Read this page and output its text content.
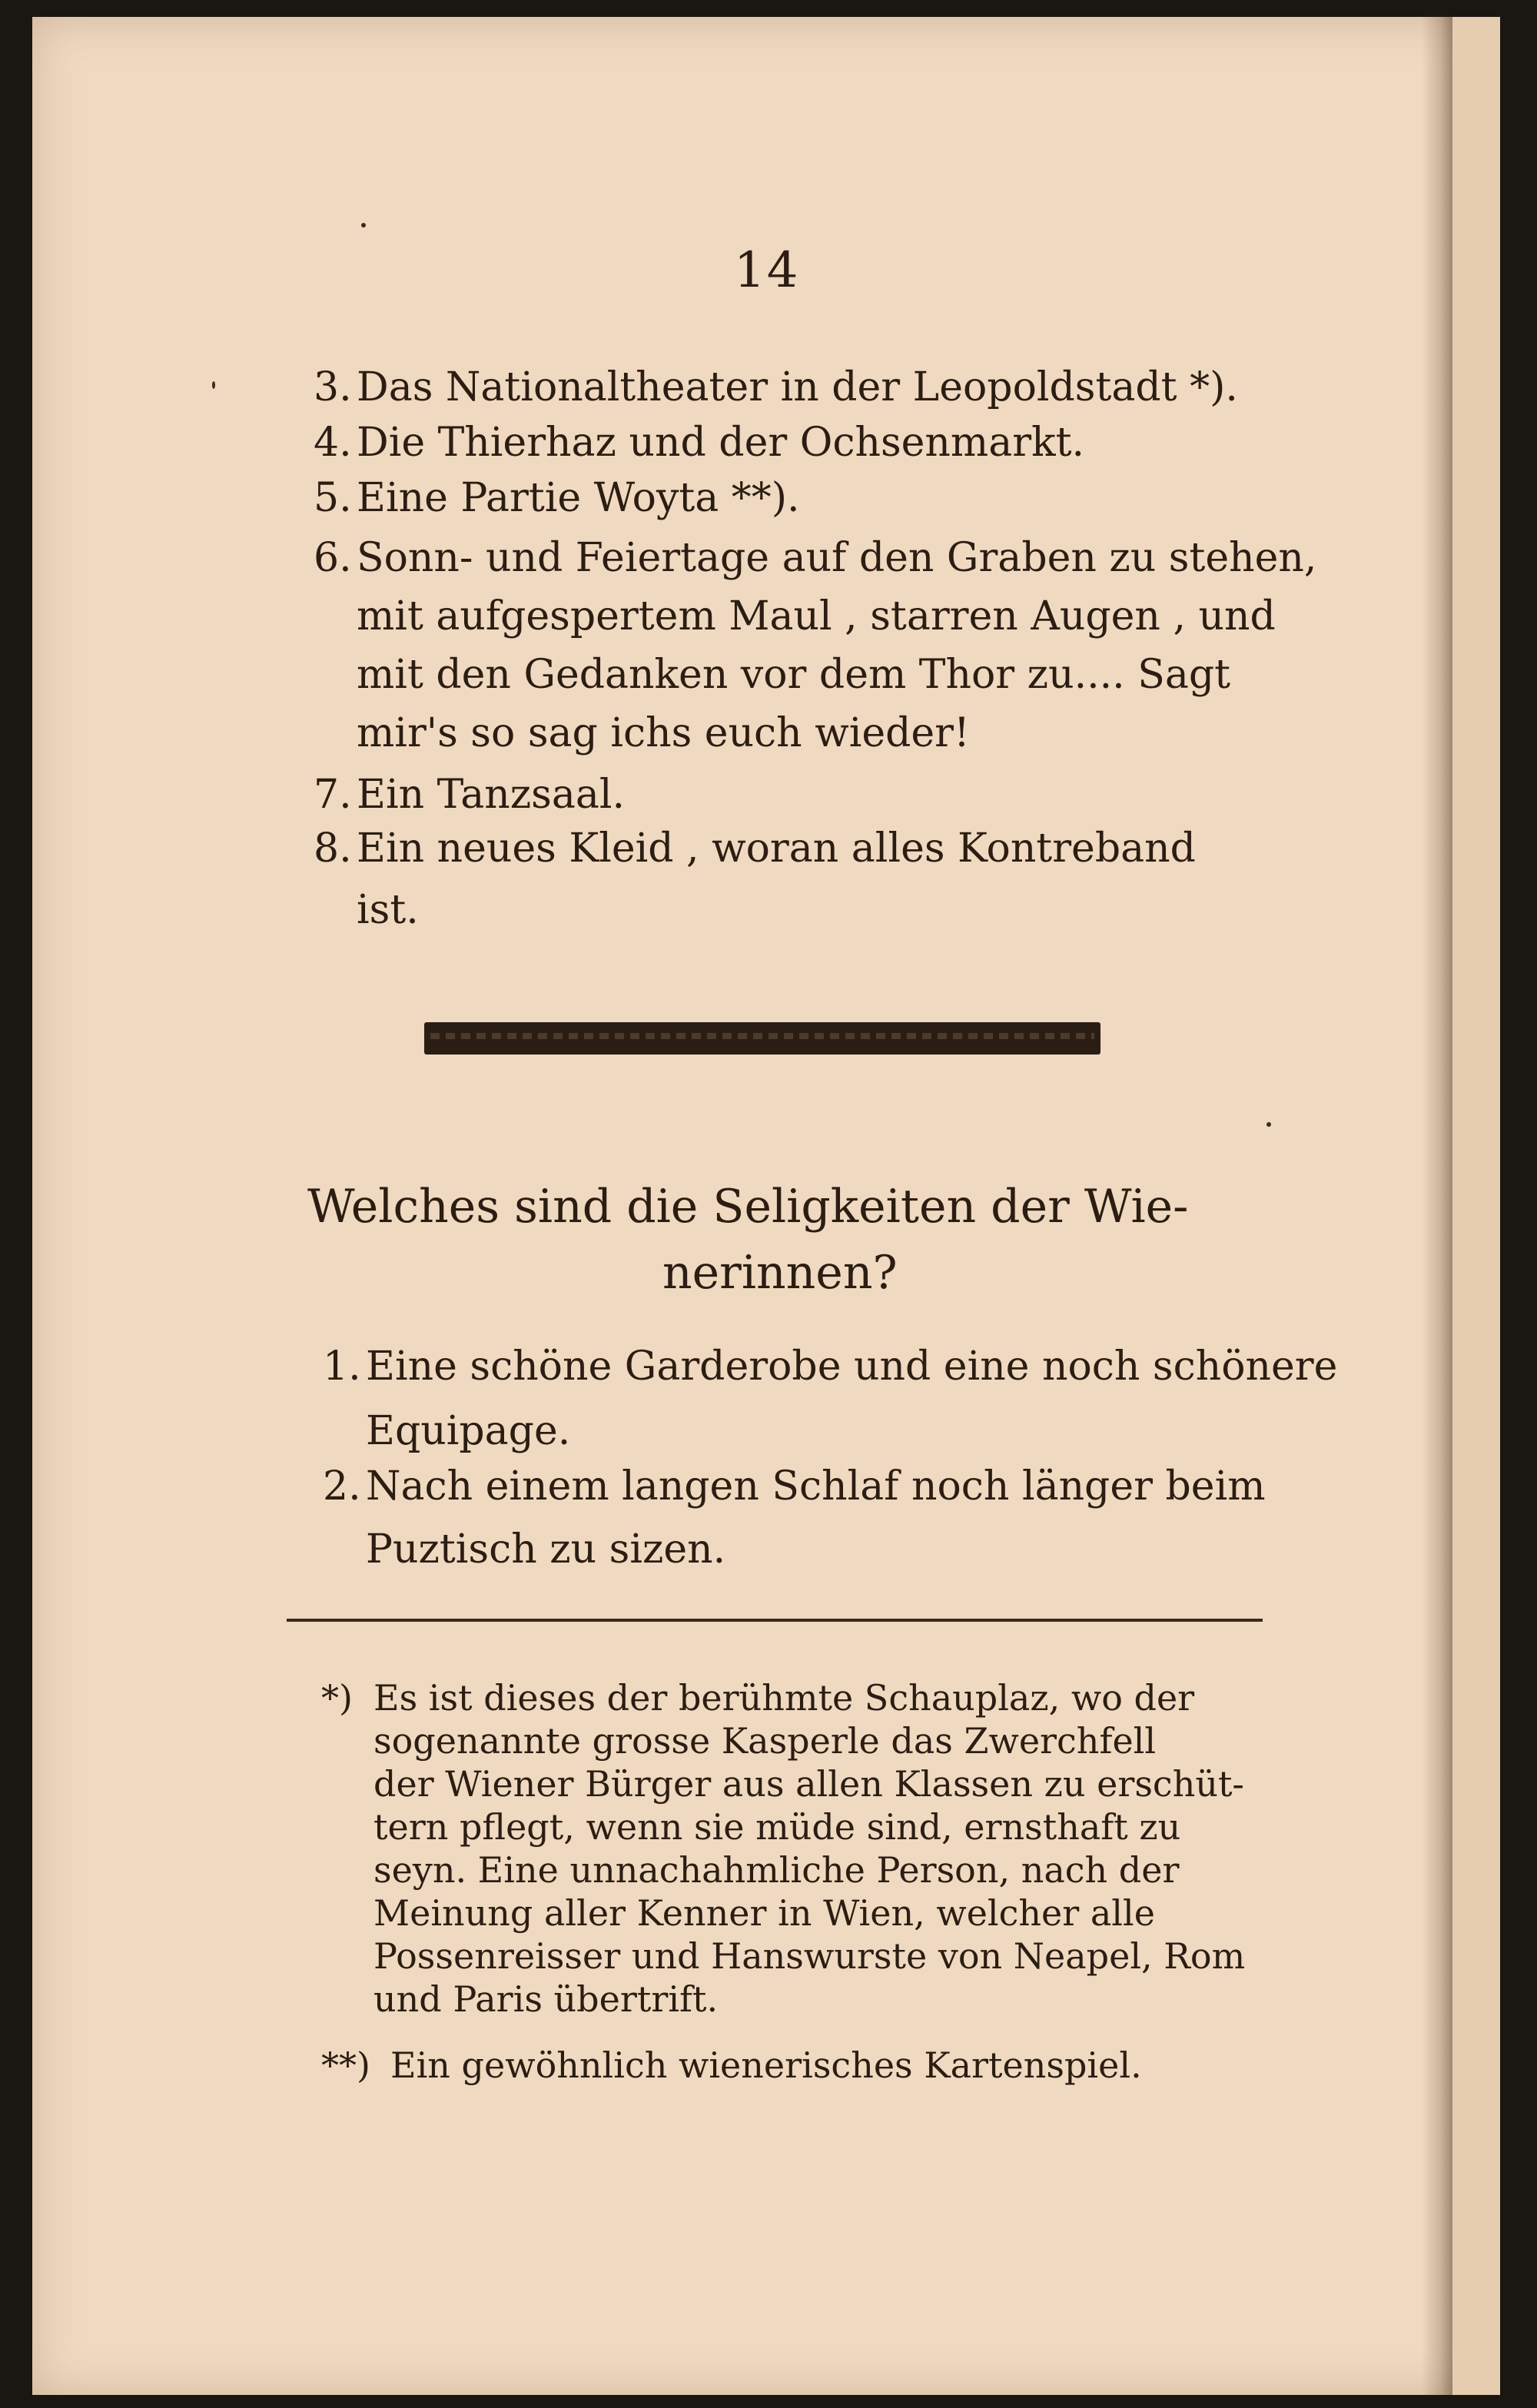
14
3. Das Nationaltheater in der Leopoldstadt *).
4. Die Thierhaz und der Ochsenmarkt.
5. Eine Partie Woyta **).
6. Sonn- und Feiertage auf den Graben zu stehen,
mit aufgespertem Maul , starren Augen , und
mit den Gedanken vor dem Thor zu.... Sagt
mir's so sag ichs euch wieder!
7. Ein Tanzsaal.
8. Ein neues Kleid , woran alles Kontreband
ist.
Welches sind die Seligkeiten der Wie-
nerinnen?
1. Eine schöne Garderobe und eine noch schönere
Equipage.
2. Nach einem langen Schlaf noch länger beim
Puztisch zu sizen.
*) Es ist dieses der berühmte Schauplaz, wo der
sogenannte grosse Kasperle das Zwerchfell
der Wiener Bürger aus allen Klassen zu erschüt-
tern pflegt, wenn sie müde sind, ernsthaft zu
seyn. Eine unnachahmliche Person, nach der
Meinung aller Kenner in Wien, welcher alle
Possenreisser und Hanswurste von Neapel, Rom
und Paris übertrift.
**) Ein gewöhnlich wienerisches Kartenspiel.
